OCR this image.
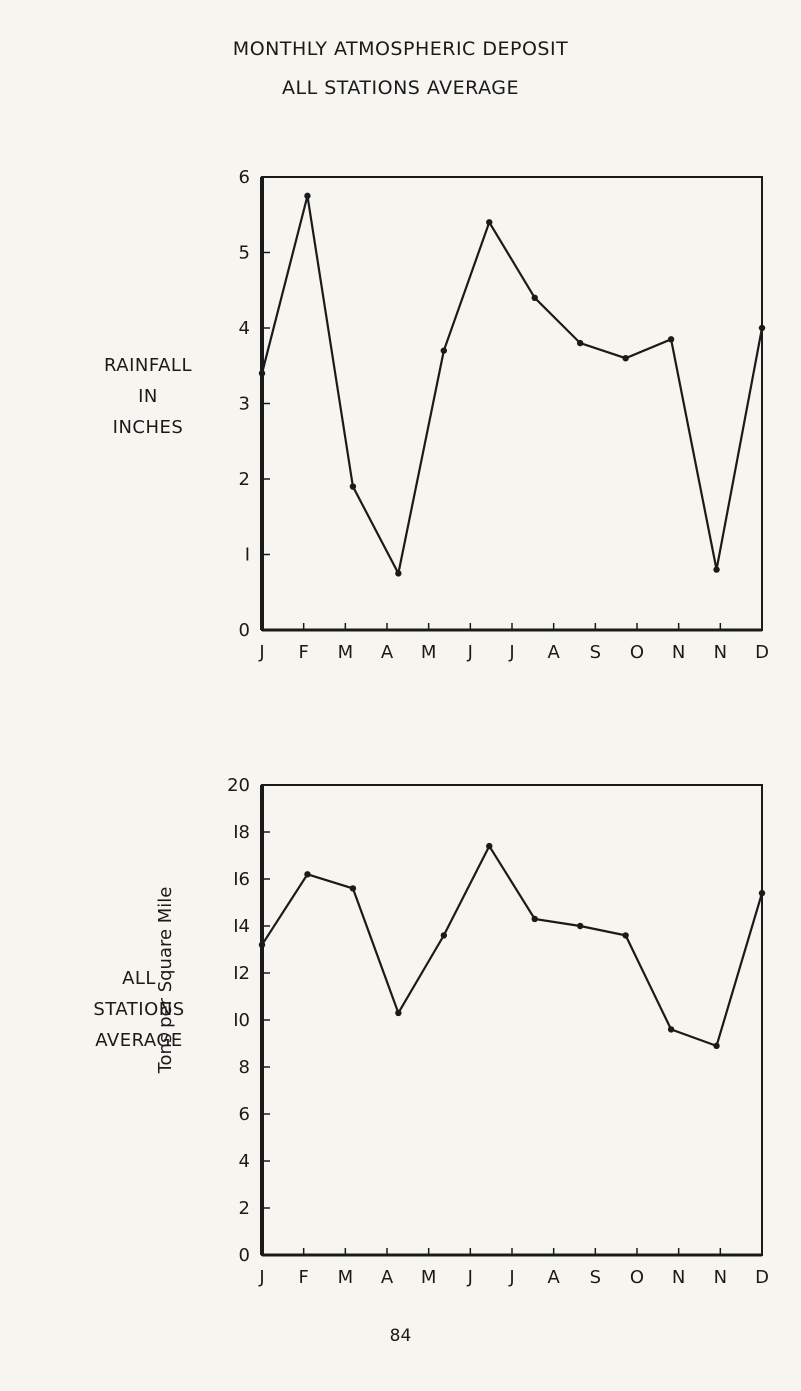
MONTHLY ATMOSPHERIC DEPOSIT
ALL STATIONS AVERAGE
RAINFALL
IN
INCHES
ALL
STATIONS
AVERAGE
Tons per Square Mile
0
I
2
3
4
5
6
J F M A M J J A S O N N D
0
2
4
6
8
I0
I2
I4
I6
I8
20
J F M A M J J A S O N N D
84
